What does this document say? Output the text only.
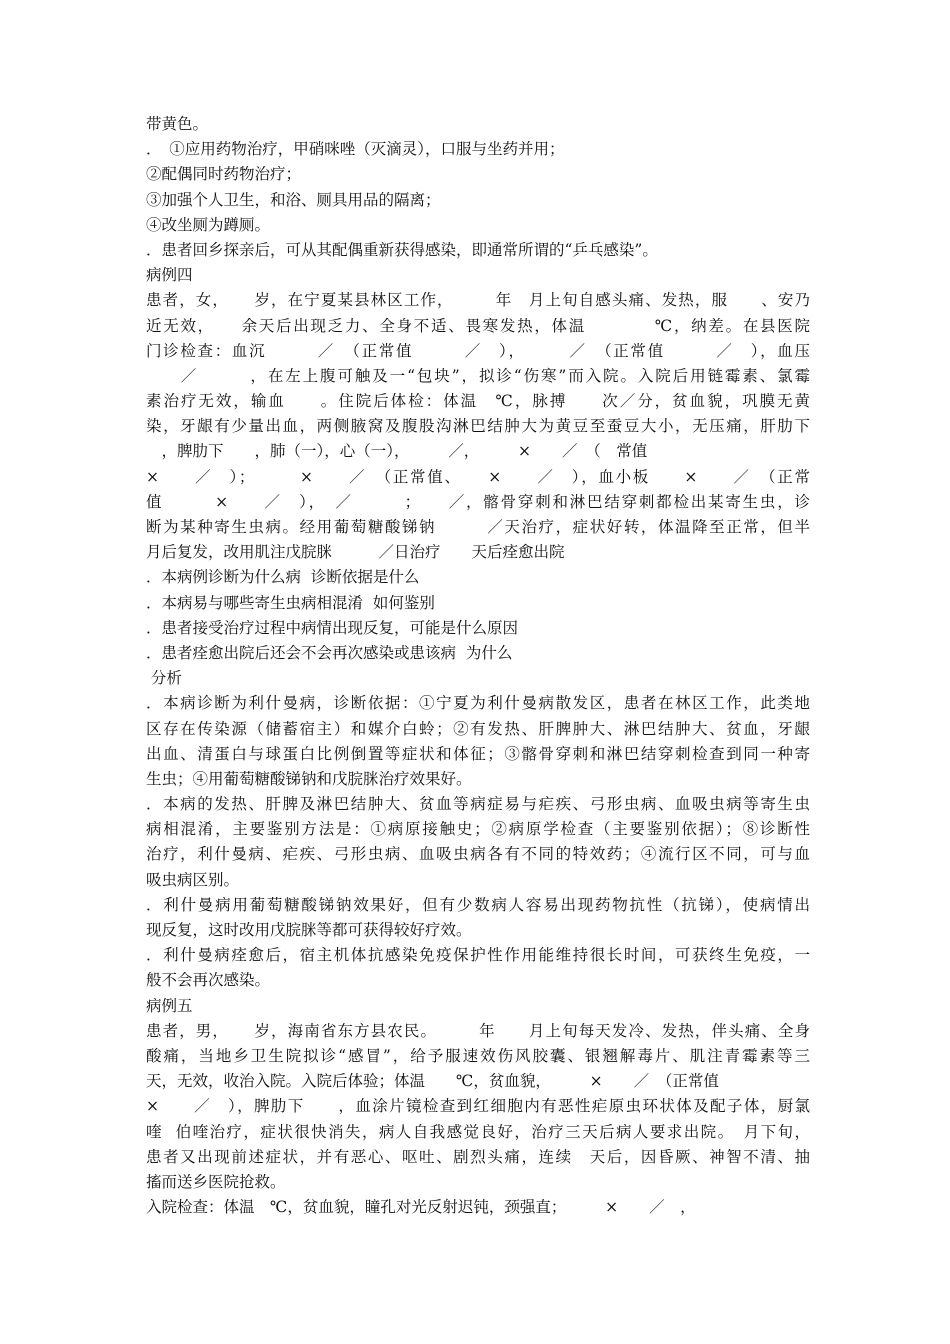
带黄色。
．　①应用药物治疗，甲硝咪唑（灭滴灵），口服与坐药并用；
②配偶同时药物治疗；
③加强个人卫生，和浴、厕具用品的隔离；
④改坐厕为蹲厕。
．患者回乡探亲后，可从其配偶重新获得感染，即通常所谓的“乒乓感染”。
病例四
患者，女，　　岁，在宁夏某县林区工作，　　　年　月上旬自感头痛、发热，服　　、安乃
近无效，　　余天后出现乏力、全身不适、畏寒发热，体温　　　　℃，纳差。在县医院
门诊检查：血沉　　　／　（正常值　　　／　），　　　／　（正常值　　　／　），血压
　　／　　　，在左上腹可触及一“包块”，拟诊“伤寒”而入院。入院后用链霉素、氯霉
素治疗无效，输血　　。住院后体检：体温　℃，脉搏　　次／分，贫血貌，巩膜无黄
染，牙龈有少量出血，两侧腋窝及腹股沟淋巴结肿大为黄豆至蚕豆大小，无压痛，肝肋下
　，脾肋下　　，肺（一），心（一），　　　／，　　　×　　／　（　常值
×　　／　）；　　　×　　／　（正常值、　　×　　／　），血小板　　×　　／　（正常
值　　　×　　／　），　／　　　；　　／，髂骨穿刺和淋巴结穿刺都检出某寄生虫，诊
断为某种寄生虫病。经用葡萄糖酸锑钠　　　／天治疗，症状好转，体温降至正常，但半
月后复发，改用肌注戊脘脒　　　／日治疗　　天后痊愈出院
．本病例诊断为什么病  诊断依据是什么
．本病易与哪些寄生虫病相混淆  如何鉴别
．患者接受治疗过程中病情出现反复，可能是什么原因
．患者痊愈出院后还会不会再次感染或患该病  为什么
分析
．本病诊断为利什曼病，诊断依据：①宁夏为利什曼病散发区，患者在林区工作，此类地
区存在传染源（储蓄宿主）和媒介白蛉；②有发热、肝脾肿大、淋巴结肿大、贫血，牙龈
出血、清蛋白与球蛋白比例倒置等症状和体征；③髂骨穿刺和淋巴结穿刺检查到同一种寄
生虫；④用葡萄糖酸锑钠和戊脘脒治疗效果好。
．本病的发热、肝脾及淋巴结肿大、贫血等病症易与疟疾、弓形虫病、血吸虫病等寄生虫
病相混淆，主要鉴别方法是：①病原接触史；②病原学检查（主要鉴别依据）；⑧诊断性
治疗，利什曼病、疟疾、弓形虫病、血吸虫病各有不同的特效药；④流行区不同，可与血
吸虫病区别。
．利什曼病用葡萄糖酸锑钠效果好，但有少数病人容易出现药物抗性（抗锑），使病情出
现反复，这时改用戊脘脒等都可获得较好疗效。
．利什曼病痊愈后，宿主机体抗感染免疫保护性作用能维持很长时间，可获终生免疫，一
般不会再次感染。
病例五
患者，男，　　岁，海南省东方县农民。　　　年　　月上旬每天发冷、发热，伴头痛、全身
酸痛，当地乡卫生院拟诊“感冒”，给予服速效伤风胶囊、银翘解毒片、肌注青霉素等三
天，无效，收治入院。入院后体验；体温　　℃，贫血貌，　　　×　　／　（正常值
×　　／　），脾肋下　　，血涂片镜检查到红细胞内有恶性疟原虫环状体及配子体，厨氯
喹  伯喹治疗，症状很快消失，病人自我感觉良好，治疗三天后病人要求出院。　月下旬，
患者又出现前述症状，并有恶心、呕吐、剧烈头痛，连续　天后，因昏厥、神智不清、抽
搐而送乡医院抢救。
入院检查：体温　℃，贫血貌，瞳孔对光反射迟钝，颈强直；　　　×　　／　，
